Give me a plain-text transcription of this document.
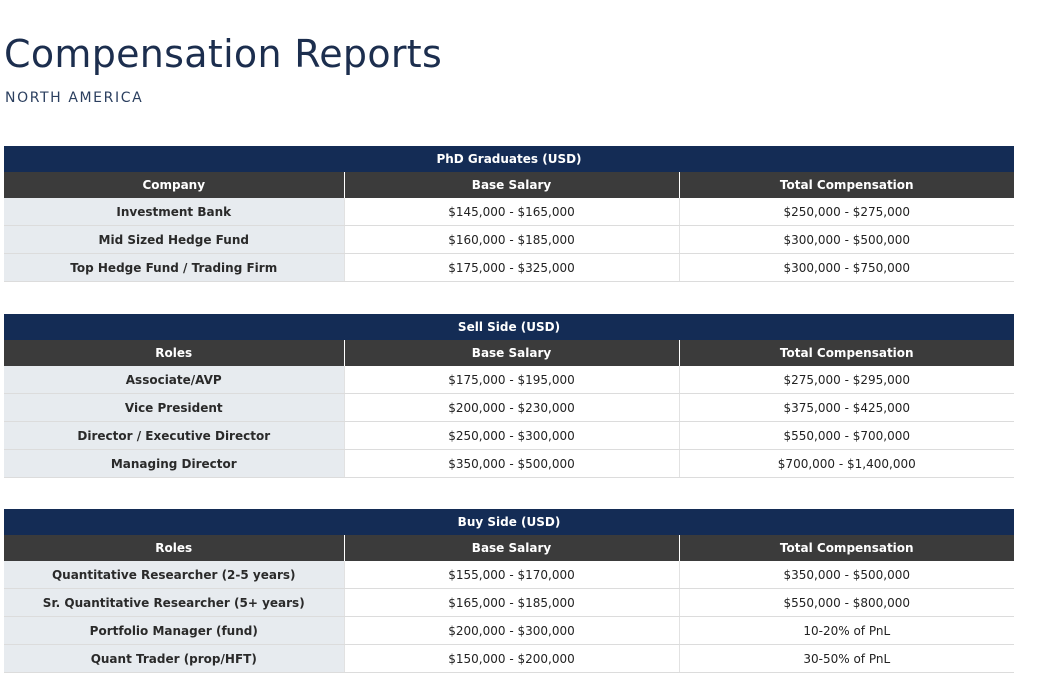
Compensation Reports
NORTH AMERICA
PhD Graduates (USD)		
Company	Base Salary	Total Compensation
Investment Bank	$145,000 - $165,000	$250,000 - $275,000
Mid Sized Hedge Fund	$160,000 - $185,000	$300,000 - $500,000
Top Hedge Fund / Trading Firm	$175,000 - $325,000	$300,000 - $750,000
Sell Side (USD)		
Roles	Base Salary	Total Compensation
Associate/AVP	$175,000 - $195,000	$275,000 - $295,000
Vice President	$200,000 - $230,000	$375,000 - $425,000
Director / Executive Director	$250,000 - $300,000	$550,000 - $700,000
Managing Director	$350,000 - $500,000	$700,000 - $1,400,000
Buy Side (USD)		
Roles	Base Salary	Total Compensation
Quantitative Researcher (2-5 years)	$155,000 - $170,000	$350,000 - $500,000
Sr. Quantitative Researcher (5+ years)	$165,000 - $185,000	$550,000 - $800,000
Portfolio Manager (fund)	$200,000 - $300,000	10-20% of PnL
Quant Trader (prop/HFT)	$150,000 - $200,000	30-50% of PnL
